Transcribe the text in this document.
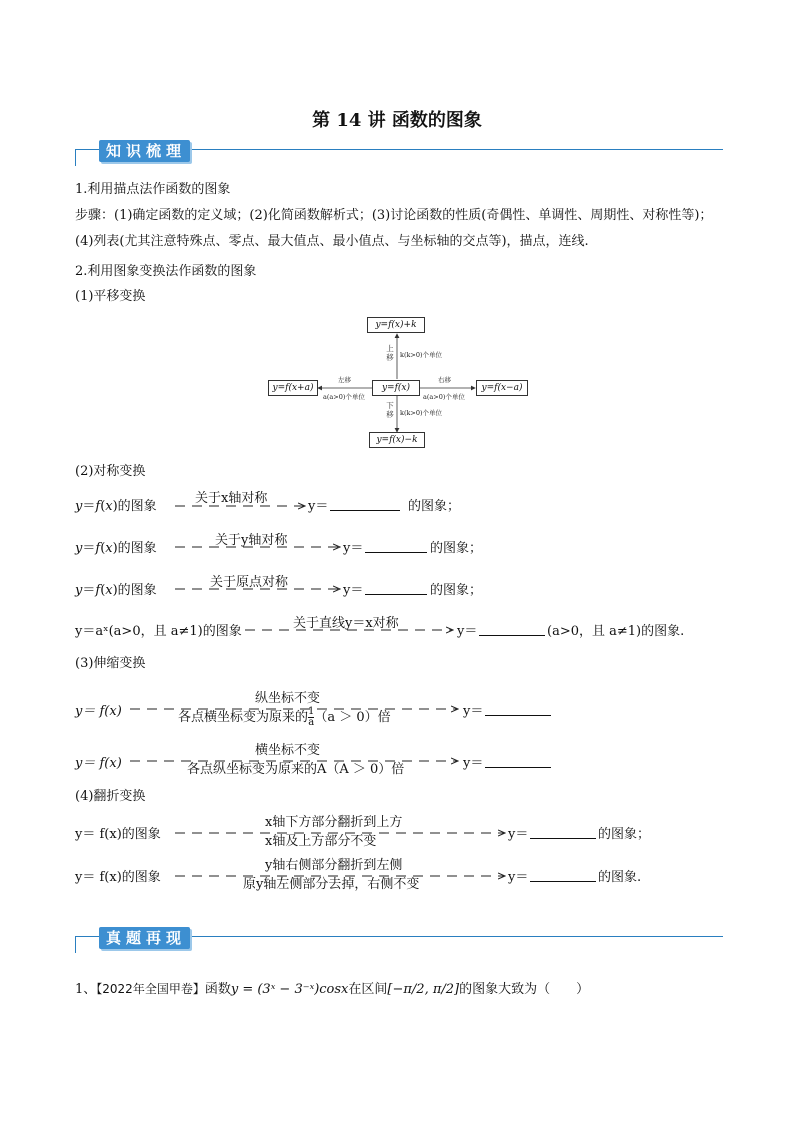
第 14 讲 函数的图象
知识梳理
1.利用描点法作函数的图象
步骤：(1)确定函数的定义域；(2)化简函数解析式；(3)讨论函数的性质(奇偶性、单调性、周期性、对称性等)；(4)列表(尤其注意特殊点、零点、最大值点、最小值点、与坐标轴的交点等)，描点，连线.
2.利用图象变换法作函数的图象
(1)平移变换
y=f(x)+k
y=f(x)
y=f(x)−k
y=f(x+a)	y=f(x−a)
上移 k(k>0)个单位
下移 k(k>0)个单位
左移
a(a>0)个单位
右移
a(a>0)个单位
(2)对称变换
y＝f(x)的图象
关于x轴对称
y＝	的图象；
y＝f(x)的图象
关于y轴对称
y＝	的图象；
y＝f(x)的图象
关于原点对称
y＝	的图象；
y＝aˣ(a>0，且 a≠1)的图象
关于直线y＝x对称
y＝	(a>0，且 a≠1)的图象.
(3)伸缩变换
y＝ f(x)
纵坐标不变
各点横坐标变为原来的 $\frac{1}{a} (a > 0)$倍	y＝
y＝ f(x)
横坐标不变
各点纵坐标变为原来的A（A ＞ 0）倍	y＝
(4)翻折变换
y＝ f(x)的图象
x轴下方部分翻折到上方
x轴及上方部分不变	y＝	的图象；
y＝ f(x)的图象
y轴右侧部分翻折到左侧
原y轴左侧部分去掉，右侧不变	y＝	的图象.
真题再现
1、【2022年全国甲卷】函数y = (3ˣ − 3⁻ˣ)cosx在区间[−π/2, π/2]的图象大致为（　　）
